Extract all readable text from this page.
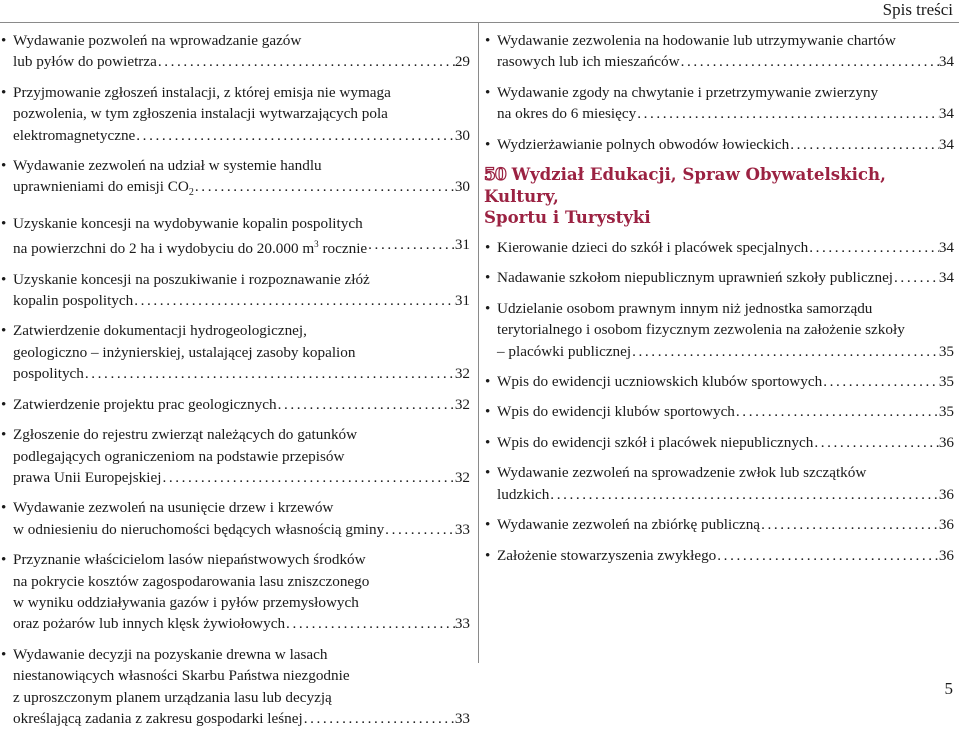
Spis treści
• Wydawanie pozwoleń na wprowadzanie gazów
lub pyłów do powietrza . . .	29
• Przyjmowanie zgłoszeń instalacji, z której emisja nie wymaga
pozwolenia, w tym zgłoszenia instalacji wytwarzających pola
elektromagnetyczne . . .	30
• Wydawanie zezwoleń na udział w systemie handlu
uprawnieniami do emisji $CO_2$ . . .	30
• Uzyskanie koncesji na wydobywanie kopalin pospolitych
na powierzchni do 2 ha i wydobyciu do 20.000 $m^3$ rocznie . . .	31
• Uzyskanie koncesji na poszukiwanie i rozpoznawanie złóż
kopalin pospolitych . . .	31
• Zatwierdzenie dokumentacji hydrogeologicznej,
geologiczno – inżynierskiej, ustalającej zasoby kopalion
pospolitych . . .	32
• Zatwierdzenie projektu prac geologicznych . . .	32
• Zgłoszenie do rejestru zwierząt należących do gatunków
podlegających ograniczeniom na podstawie przepisów
prawa Unii Europejskiej . . .	32
• Wydawanie zezwoleń na usunięcie drzew i krzewów
w odniesieniu do nieruchomości będących własnością gminy . . .	33
• Przyznanie właścicielom lasów niepaństwowych środków
na pokrycie kosztów zagospodarowania lasu zniszczonego
w wyniku oddziaływania gazów i pyłów przemysłowych
oraz pożarów lub innych klęsk żywiołowych . . .	33
• Wydawanie decyzji na pozyskanie drewna w lasach
niestanowiących własności Skarbu Państwa niezgodnie
z uproszczonym planem urządzania lasu lub decyzją
określającą zadania z zakresu gospodarki leśnej . . .	33
• Wydawanie zezwolenia na hodowanie lub utrzymywanie chartów
rasowych lub ich mieszańców . . .	34
• Wydawanie zgody na chwytanie i przetrzymywanie zwierzyny
na okres do 6 miesięcy . . .	34
• Wydzierżawianie polnych obwodów łowieckich . . .	34
50 Wydział Edukacji, Spraw Obywatelskich, Kultury,
Sportu i Turystyki
• Kierowanie dzieci do szkół i placówek specjalnych . . .	34
• Nadawanie szkołom niepublicznym uprawnień szkoły publicznej . . .	34
• Udzielanie osobom prawnym innym niż jednostka samorządu
terytorialnego i osobom fizycznym zezwolenia na założenie szkoły
– placówki publicznej . . .	35
• Wpis do ewidencji uczniowskich klubów sportowych . . .	35
• Wpis do ewidencji klubów sportowych . . .	35
• Wpis do ewidencji szkół i placówek niepublicznych . . .	36
• Wydawanie zezwoleń na sprowadzenie zwłok lub szczątków
ludzkich . . .	36
• Wydawanie zezwoleń na zbiórkę publiczną . . .	36
• Założenie stowarzyszenia zwykłego . . .	36
5
